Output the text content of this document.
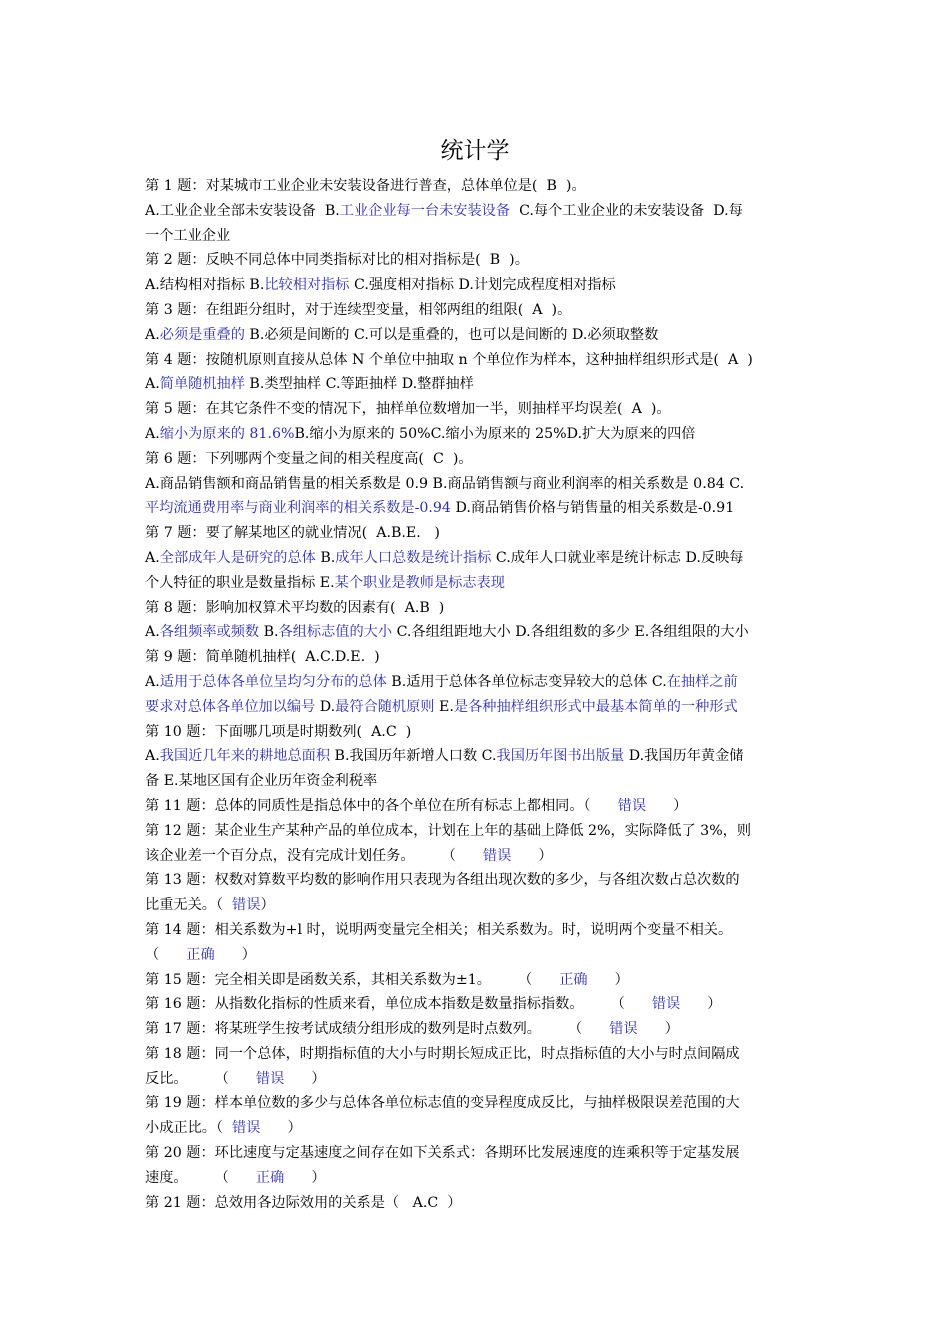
统计学
第 1 题：对某城市工业企业未安装设备进行普查，总体单位是(  B  )。
A.工业企业全部未安装设备  B.工业企业每一台未安装设备  C.每个工业企业的未安装设备  D.每
一个工业企业
第 2 题：反映不同总体中同类指标对比的相对指标是(  B  )。
A.结构相对指标 B.比较相对指标 C.强度相对指标 D.计划完成程度相对指标
第 3 题：在组距分组时，对于连续型变量，相邻两组的组限(  A  )。
A.必须是重叠的 B.必须是间断的 C.可以是重叠的，也可以是间断的 D.必须取整数
第 4 题：按随机原则直接从总体 N 个单位中抽取 n 个单位作为样本，这种抽样组织形式是(  A  )
A.简单随机抽样 B.类型抽样 C.等距抽样 D.整群抽样
第 5 题：在其它条件不变的情况下，抽样单位数增加一半，则抽样平均误差(  A  )。
A.缩小为原来的 81.6%B.缩小为原来的 50%C.缩小为原来的 25%D.扩大为原来的四倍
第 6 题：下列哪两个变量之间的相关程度高(  C  )。
A.商品销售额和商品销售量的相关系数是 0.9 B.商品销售额与商业利润率的相关系数是 0.84 C.
平均流通费用率与商业利润率的相关系数是-0.94 D.商品销售价格与销售量的相关系数是-0.91
第 7 题：要了解某地区的就业情况(  A.B.E.   )
A.全部成年人是研究的总体 B.成年人口总数是统计指标 C.成年人口就业率是统计标志 D.反映每
个人特征的职业是数量指标 E.某个职业是教师是标志表现
第 8 题：影响加权算术平均数的因素有(  A.B  )
A.各组频率或频数 B.各组标志值的大小 C.各组组距地大小 D.各组组数的多少 E.各组组限的大小
第 9 题：简单随机抽样(  A.C.D.E.  )
A.适用于总体各单位呈均匀分布的总体 B.适用于总体各单位标志变异较大的总体 C.在抽样之前
要求对总体各单位加以编号 D.最符合随机原则 E.是各种抽样组织形式中最基本简单的一种形式
第 10 题：下面哪几项是时期数列(  A.C  )
A.我国近几年来的耕地总面积 B.我国历年新增人口数 C.我国历年图书出版量 D.我国历年黄金储
备 E.某地区国有企业历年资金利税率
第 11 题：总体的同质性是指总体中的各个单位在所有标志上都相同。（      错误      ）
第 12 题：某企业生产某种产品的单位成本，计划在上年的基础上降低 2%，实际降低了 3%，则
该企业差一个百分点，没有完成计划任务。      （      错误      ）
第 13 题：权数对算数平均数的影响作用只表现为各组出现次数的多少，与各组次数占总次数的
比重无关。（  错误）
第 14 题：相关系数为+l 时，说明两变量完全相关；相关系数为。时，说明两个变量不相关。
（      正确      ）
第 15 题：完全相关即是函数关系，其相关系数为±1。      （      正确      ）
第 16 题：从指数化指标的性质来看，单位成本指数是数量指标指数。      （      错误      ）
第 17 题：将某班学生按考试成绩分组形成的数列是时点数列。      （      错误      ）
第 18 题：同一个总体，时期指标值的大小与时期长短成正比，时点指标值的大小与时点间隔成
反比。      （      错误      ）
第 19 题：样本单位数的多少与总体各单位标志值的变异程度成反比，与抽样极限误差范围的大
小成正比。（  错误      ）
第 20 题：环比速度与定基速度之间存在如下关系式：各期环比发展速度的连乘积等于定基发展
速度。      （      正确      ）
第 21 题：总效用各边际效用的关系是（   A.C  ）
